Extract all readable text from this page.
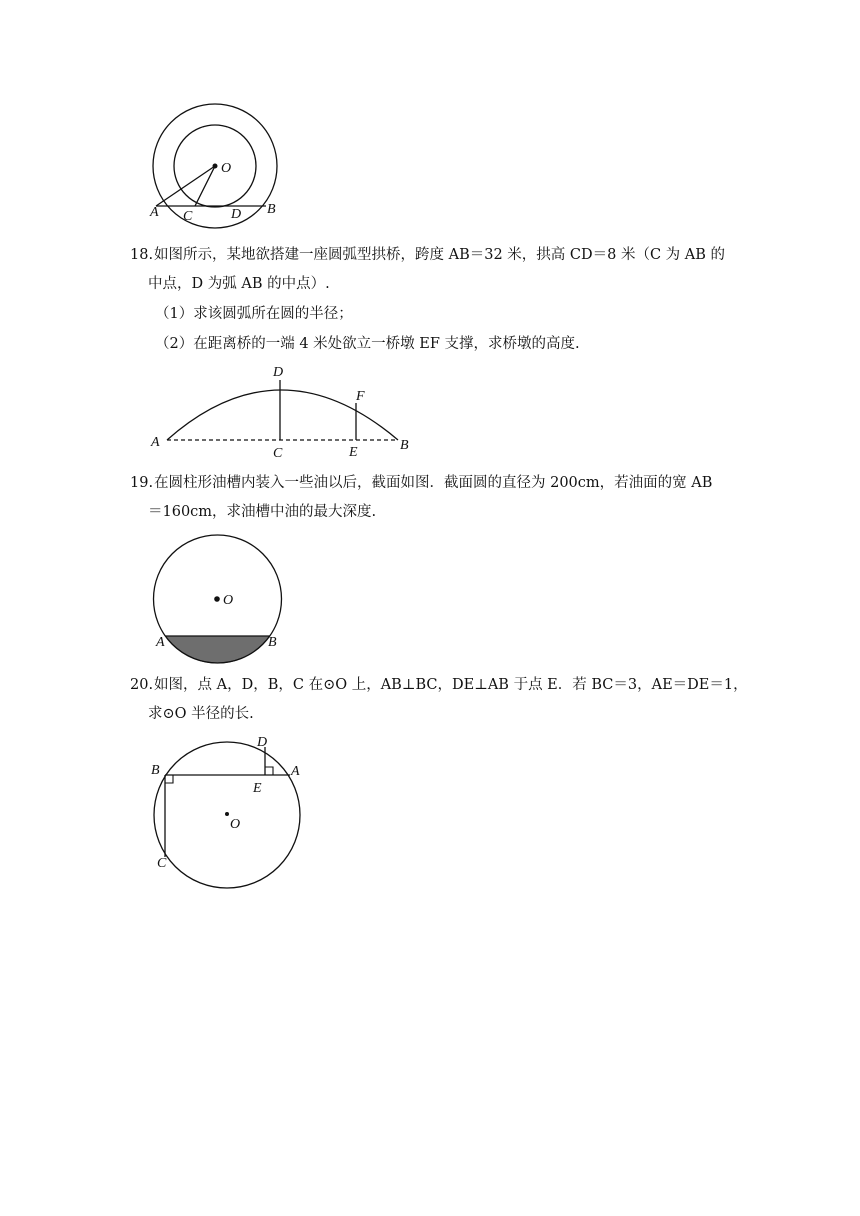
O
A C	D B
18.如图所示，某地欲搭建一座圆弧型拱桥，跨度 AB＝32 米，拱高 CD＝8 米（C 为 AB 的
中点，D 为弧 AB 的中点）.
（1）求该圆弧所在圆的半径；
（2）在距离桥的一端 4 米处欲立一桥墩 EF 支撑，求桥墩的高度.
A	B
C
D
E
F
19.在圆柱形油槽内装入一些油以后，截面如图．截面圆的直径为 200cm，若油面的宽 AB
＝160cm，求油槽中油的最大深度.
O
A	B
20.如图，点 A，D，B，C 在⊙O 上，AB⊥BC，DE⊥AB 于点 E．若 BC＝3，AE＝DE＝1，
求⊙O 半径的长.
B
D
A
E
O
C
